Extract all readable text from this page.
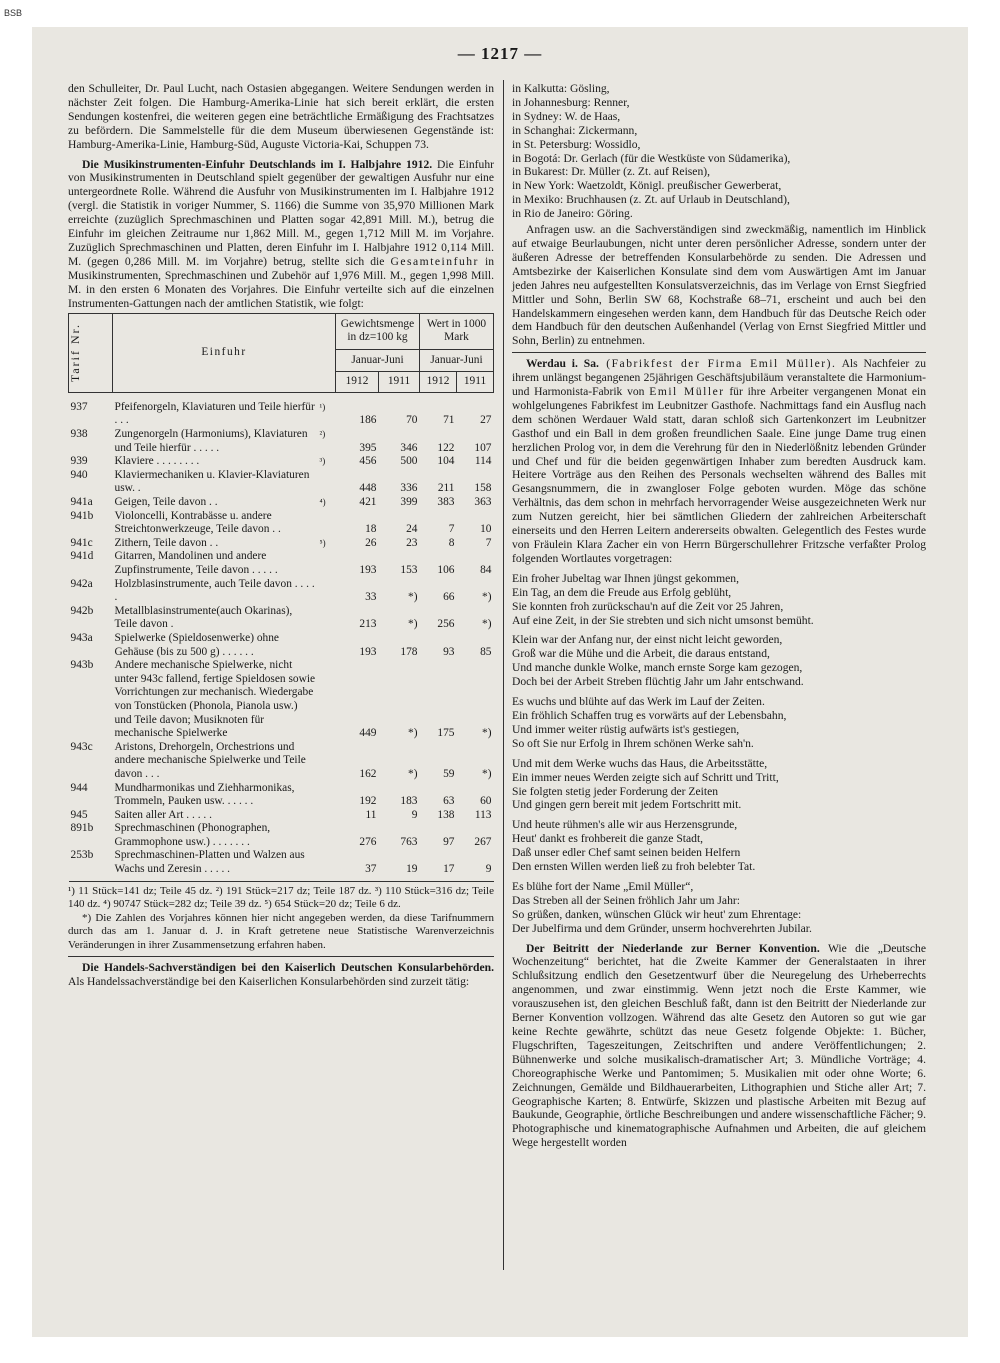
BSB
— 1217 —

den Schulleiter, Dr. Paul Lucht, nach Ostasien abgegangen. Weitere Sendungen werden in nächster Zeit folgen. Die Hamburg-Amerika-Linie hat sich bereit erklärt, die ersten Sendungen kostenfrei, die weiteren gegen eine beträchtliche Ermäßigung des Frachtsatzes zu befördern. Die Sammelstelle für die dem Museum überwiesenen Gegenstände ist: Hamburg-Amerika-Linie, Hamburg-Süd, Auguste Victoria-Kai, Schuppen 73.

Die Musikinstrumenten-Einfuhr Deutschlands im I. Halbjahre 1912. Die Einfuhr von Musikinstrumenten in Deutschland spielt gegenüber der gewaltigen Ausfuhr nur eine untergeordnete Rolle. Während die Ausfuhr von Musikinstrumenten im I. Halbjahre 1912 (vergl. die Statistik in voriger Nummer, S. 1166) die Summe von 35,970 Millionen Mark erreichte (zuzüglich Sprechmaschinen und Platten sogar 42,891 Mill. M.), betrug die Einfuhr im gleichen Zeitraume nur 1,862 Mill. M., gegen 1,712 Mill M. im Vorjahre. Zuzüglich Sprechmaschinen und Platten, deren Einfuhr im I. Halbjahre 1912 0,114 Mill. M. (gegen 0,286 Mill. M. im Vorjahre) betrug, stellte sich die Gesamteinfuhr in Musikinstrumenten, Sprechmaschinen und Zubehör auf 1,976 Mill. M., gegen 1,998 Mill. M. in den ersten 6 Monaten des Vorjahres. Die Einfuhr verteilte sich auf die einzelnen Instrumenten-Gattungen nach der amtlichen Statistik, wie folgt:

Tarif Nr.	Einfuhr		Gewichtsmenge in dz=100 kg		Wert in 1000 Mark	
			Januar-Juni		Januar-Juni	
			1912	1911	1912	1911
937	Pfeifenorgeln, Klaviaturen und Teile hierfür . . .	¹)	186	70	71	27
938	Zungenorgeln (Harmoniums), Klaviaturen und Teile hierfür . . . . .	²)	395	346	122	107
939	Klaviere . . . . . . . .	³)	456	500	104	114
940	Klaviermechaniken u. Klavier-Klaviaturen usw. .		448	336	211	158
941a	Geigen, Teile davon . .	⁴)	421	399	383	363
941b	Violoncelli, Kontrabässe u. andere Streichtonwerkzeuge, Teile davon . .		18	24	7	10
941c	Zithern, Teile davon . .	⁵)	26	23	8	7
941d	Gitarren, Mandolinen und andere Zupfinstrumente, Teile davon . . . . .		193	153	106	84
942a	Holzblasinstrumente, auch Teile davon . . . . .		33	*)	66	*)
942b	Metallblasinstrumente(auch Okarinas), Teile davon .		213	*)	256	*)
943a	Spielwerke (Spieldosenwerke) ohne Gehäuse (bis zu 500 g) . . . . . .		193	178	93	85
943b	Andere mechanische Spielwerke, nicht unter 943c fallend, fertige Spieldosen sowie Vorrichtungen zur mechanisch. Wiedergabe von Tonstücken (Phonola, Pianola usw.) und Teile davon; Musiknoten für mechanische Spielwerke		449	*)	175	*)
943c	Aristons, Drehorgeln, Orchestrions und andere mechanische Spielwerke und Teile davon . . .		162	*)	59	*)
944	Mundharmonikas und Ziehharmonikas, Trommeln, Pauken usw. . . . . .		192	183	63	60
945	Saiten aller Art . . . . .		11	9	138	113
891b	Sprechmaschinen (Phonographen, Grammophone usw.) . . . . . . .		276	763	97	267
253b	Sprechmaschinen-Platten und Walzen aus Wachs und Zeresin . . . . .		37	19	17	9

¹) 11 Stück=141 dz; Teile 45 dz. ²) 191 Stück=217 dz; Teile 187 dz. ³) 110 Stück=316 dz; Teile 140 dz. ⁴) 90747 Stück=282 dz; Teile 39 dz. ⁵) 654 Stück=20 dz; Teile 6 dz.

*) Die Zahlen des Vorjahres können hier nicht angegeben werden, da diese Tarifnummern durch das am 1. Januar d. J. in Kraft getretene neue Statistische Warenverzeichnis Veränderungen in ihrer Zusammensetzung erfahren haben.

Die Handels-Sachverständigen bei den Kaiserlich Deutschen Konsularbehörden. Als Handelssachverständige bei den Kaiserlichen Konsularbehörden sind zurzeit tätig:

in Kalkutta: Gösling,
in Johannesburg: Renner,
in Sydney: W. de Haas,
in Schanghai: Zickermann,
in St. Petersburg: Wossidlo,
in Bogotá: Dr. Gerlach (für die Westküste von Südamerika),
in Bukarest: Dr. Müller (z. Zt. auf Reisen),
in New York: Waetzoldt, Königl. preußischer Gewerberat,
in Mexiko: Bruchhausen (z. Zt. auf Urlaub in Deutschland),
in Rio de Janeiro: Göring.

Anfragen usw. an die Sachverständigen sind zweckmäßig, namentlich im Hinblick auf etwaige Beurlaubungen, nicht unter deren persönlicher Adresse, sondern unter der äußeren Adresse der betreffenden Konsularbehörde zu senden. Die Adressen und Amtsbezirke der Kaiserlichen Konsulate sind dem vom Auswärtigen Amt im Januar jeden Jahres neu aufgestellten Konsulatsverzeichnis, das im Verlage von Ernst Siegfried Mittler und Sohn, Berlin SW 68, Kochstraße 68–71, erscheint und auch bei den Handelskammern eingesehen werden kann, dem Handbuch für das Deutsche Reich oder dem Handbuch für den deutschen Außenhandel (Verlag von Ernst Siegfried Mittler und Sohn, Berlin) zu entnehmen.

Werdau i. Sa. (Fabrikfest der Firma Emil Müller). Als Nachfeier zu ihrem unlängst begangenen 25jährigen Geschäftsjubiläum veranstaltete die Harmonium- und Harmonista-Fabrik von Emil Müller für ihre Arbeiter vergangenen Monat ein wohlgelungenes Fabrikfest im Leubnitzer Gasthofe. Nachmittags fand ein Ausflug nach dem schönen Werdauer Wald statt, daran schloß sich Gartenkonzert im Leubnitzer Gasthof und ein Ball in dem großen freundlichen Saale. Eine junge Dame trug einen herzlichen Prolog vor, in dem die Verehrung für den in Niederlößnitz lebenden Gründer und Chef und für die beiden gegenwärtigen Inhaber zum beredten Ausdruck kam. Heitere Vorträge aus den Reihen des Personals wechselten während des Balles mit Gesangsnummern, die in zwangloser Folge geboten wurden. Möge das schöne Verhältnis, das dem schon in mehrfach hervorragender Weise ausgezeichneten Werk nur zum Nutzen gereicht, hier bei sämtlichen Gliedern der zahlreichen Arbeiterschaft einerseits und den Herren Leitern andererseits obwalten. Gelegentlich des Festes wurde von Fräulein Klara Zacher ein von Herrn Bürgerschullehrer Fritzsche verfaßter Prolog folgenden Wortlautes vorgetragen:

Ein froher Jubeltag war Ihnen jüngst gekommen,
Ein Tag, an dem die Freude aus Erfolg geblüht,
Sie konnten froh zurückschau'n auf die Zeit vor 25 Jahren,
Auf eine Zeit, in der Sie strebten und sich nicht umsonst bemüht.
Klein war der Anfang nur, der einst nicht leicht geworden,
Groß war die Mühe und die Arbeit, die daraus entstand,
Und manche dunkle Wolke, manch ernste Sorge kam gezogen,
Doch bei der Arbeit Streben flüchtig Jahr um Jahr entschwand.
Es wuchs und blühte auf das Werk im Lauf der Zeiten.
Ein fröhlich Schaffen trug es vorwärts auf der Lebensbahn,
Und immer weiter rüstig aufwärts ist's gestiegen,
So oft Sie nur Erfolg in Ihrem schönen Werke sah'n.
Und mit dem Werke wuchs das Haus, die Arbeitsstätte,
Ein immer neues Werden zeigte sich auf Schritt und Tritt,
Sie folgten stetig jeder Forderung der Zeiten
Und gingen gern bereit mit jedem Fortschritt mit.
Und heute rühmen's alle wir aus Herzensgrunde,
Heut' dankt es frohbereit die ganze Stadt,
Daß unser edler Chef samt seinen beiden Helfern
Den ernsten Willen werden ließ zu froh belebter Tat.
Es blühe fort der Name „Emil Müller“,
Das Streben all der Seinen fröhlich Jahr um Jahr:
So grüßen, danken, wünschen Glück wir heut' zum Ehrentage:
Der Jubelfirma und dem Gründer, unserm hochverehrten Jubilar.

Der Beitritt der Niederlande zur Berner Konvention. Wie die „Deutsche Wochenzeitung“ berichtet, hat die Zweite Kammer der Generalstaaten in ihrer Schlußsitzung endlich den Gesetzentwurf über die Neuregelung des Urheberrechts angenommen, und zwar einstimmig. Wenn jetzt noch die Erste Kammer, wie vorauszusehen ist, den gleichen Beschluß faßt, dann ist den Beitritt der Niederlande zur Berner Konvention vollzogen. Während das alte Gesetz den Autoren so gut wie gar keine Rechte gewährte, schützt das neue Gesetz folgende Objekte: 1. Bücher, Flugschriften, Tageszeitungen, Zeitschriften und andere Veröffentlichungen; 2. Bühnenwerke und solche musikalisch-dramatischer Art; 3. Mündliche Vorträge; 4. Choreographische Werke und Pantomimen; 5. Musikalien mit oder ohne Worte; 6. Zeichnungen, Gemälde und Bildhauerarbeiten, Lithographien und Stiche aller Art; 7. Geographische Karten; 8. Entwürfe, Skizzen und plastische Arbeiten mit Bezug auf Baukunde, Geographie, örtliche Beschreibungen und andere wissenschaftliche Fächer; 9. Photographische und kinematographische Aufnahmen und Arbeiten, die auf gleichem Wege hergestellt worden
